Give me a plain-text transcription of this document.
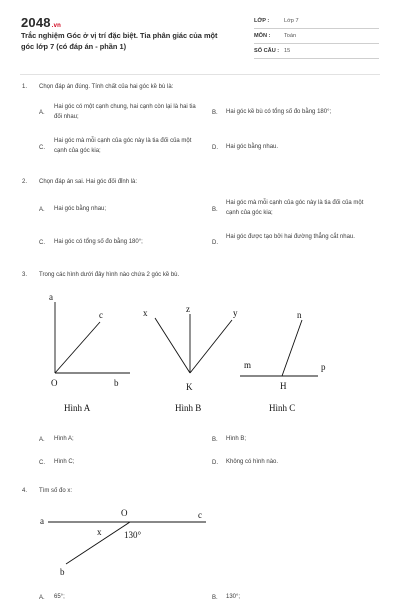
2048.vn
Trắc nghiệm Góc ở vị trí đặc biệt. Tia phân giác của một góc lớp 7 (có đáp án - phần 1)
LỚP :	Lớp 7
MÔN : Toán
SỐ CÂU : 15
1. Chọn đáp án đúng. Tính chất của hai góc kề bù là:
A.
Hai góc có một cạnh chung, hai cạnh còn lại là hai tia đối nhau;
B. Hai góc kề bù có tổng số đo bằng 180°;
C.
Hai góc mà mỗi cạnh của góc này là tia đối của một cạnh của góc kia;	D. Hai góc bằng nhau.
2. Chọn đáp án sai. Hai góc đối đỉnh là:
A. Hai góc bằng nhau;	B.
Hai góc mà mỗi cạnh của góc này là tia đối của một cạnh của góc kia;
C. Hai góc có tổng số đo bằng 180°;	D.
Hai góc được tạo bởi hai đường thẳng cắt nhau.
3. Trong các hình dưới đây hình nào chứa 2 góc kề bù.
a
c
O	b
Hình A
x	z	y
K
Hình B
n
m	p
H
Hình C
a
O	c
x	130°
b
A. Hình A;	B. Hình B;
C. Hình C;	D. Không có hình nào.
4. Tìm số đo x:
A. 65°;	B. 130°;
